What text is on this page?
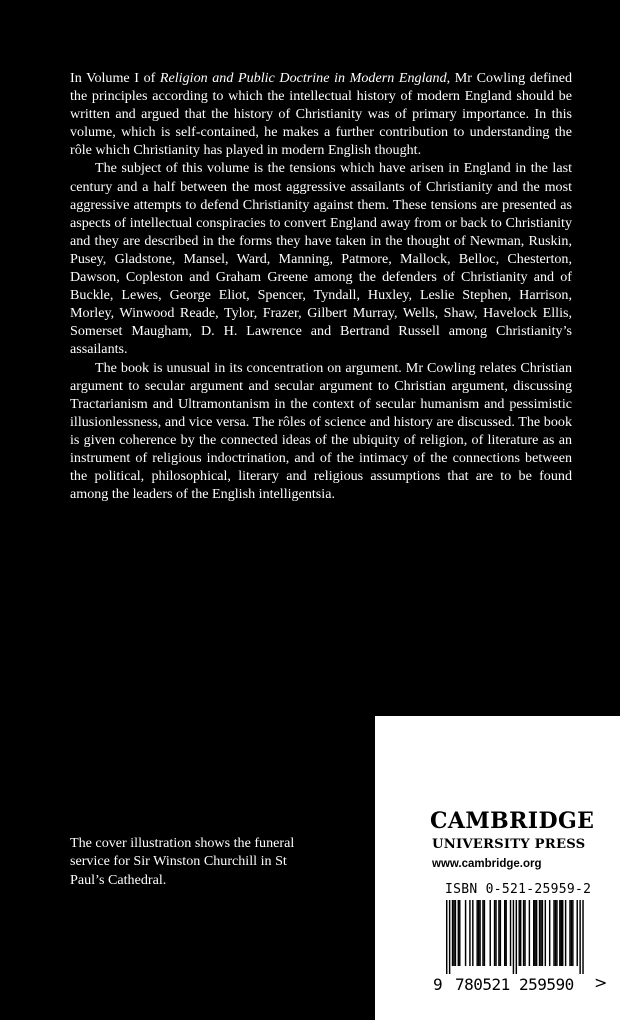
In Volume I of Religion and Public Doctrine in Modern England, Mr Cowling defined the principles according to which the intellectual history of modern England should be written and argued that the history of Christianity was of primary importance. In this volume, which is self-contained, he makes a further contribution to understanding the rôle which Christianity has played in modern English thought.

The subject of this volume is the tensions which have arisen in England in the last century and a half between the most aggressive assailants of Christianity and the most aggressive attempts to defend Christianity against them. These tensions are presented as aspects of intellectual conspiracies to convert England away from or back to Christianity and they are described in the forms they have taken in the thought of Newman, Ruskin, Pusey, Gladstone, Mansel, Ward, Manning, Patmore, Mallock, Belloc, Chesterton, Dawson, Copleston and Graham Greene among the defenders of Christianity and of Buckle, Lewes, George Eliot, Spencer, Tyndall, Huxley, Leslie Stephen, Harrison, Morley, Winwood Reade, Tylor, Frazer, Gilbert Murray, Wells, Shaw, Havelock Ellis, Somerset Maugham, D. H. Lawrence and Bertrand Russell among Christianity’s assailants.

The book is unusual in its concentration on argument. Mr Cowling relates Christian argument to secular argument and secular argument to Christian argument, discussing Tractarianism and Ultramontanism in the context of secular humanism and pessimistic illusionlessness, and vice versa. The rôles of science and history are discussed. The book is given coherence by the connected ideas of the ubiquity of religion, of literature as an instrument of religious indoctrination, and of the intimacy of the connections between the political, philosophical, literary and religious assumptions that are to be found among the leaders of the English intelligentsia.

The cover illustration shows the funeral service for Sir Winston Churchill in St Paul’s Cathedral.
CAMBRIDGE
UNIVERSITY PRESS
www.cambridge.org
ISBN 0-521-25959-2
9 780521 259590 >
